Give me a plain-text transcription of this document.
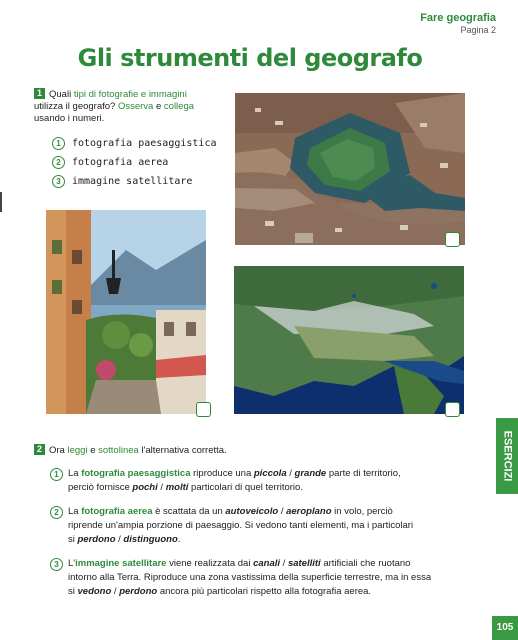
Fare geografia
Pagina 2
Gli strumenti del geografo
1 Quali tipi di fotografie e immagini
utilizza il geografo? Osserva e collega
usando i numeri.
1	fotografia paesaggistica
2	fotografia aerea
3	immagine satellitare
ESERCIZI
2 Ora leggi e sottolinea l'alternativa corretta.
1 La fotografia paesaggistica riproduce una piccola / grande parte di territorio,

perciò fornisce pochi / molti particolari di quel territorio.

2 La fotografia aerea è scattata da un autoveicolo / aeroplano in volo, perciò

riprende un'ampia porzione di paesaggio. Si vedono tanti elementi, ma i particolari

si perdono / distinguono.

3 L'immagine satellitare viene realizzata dai canali / satelliti artificiali che ruotano

intorno alla Terra. Riproduce una zona vastissima della superficie terrestre, ma in essa

si vedono / perdono ancora più particolari rispetto alla fotografia aerea.

105
